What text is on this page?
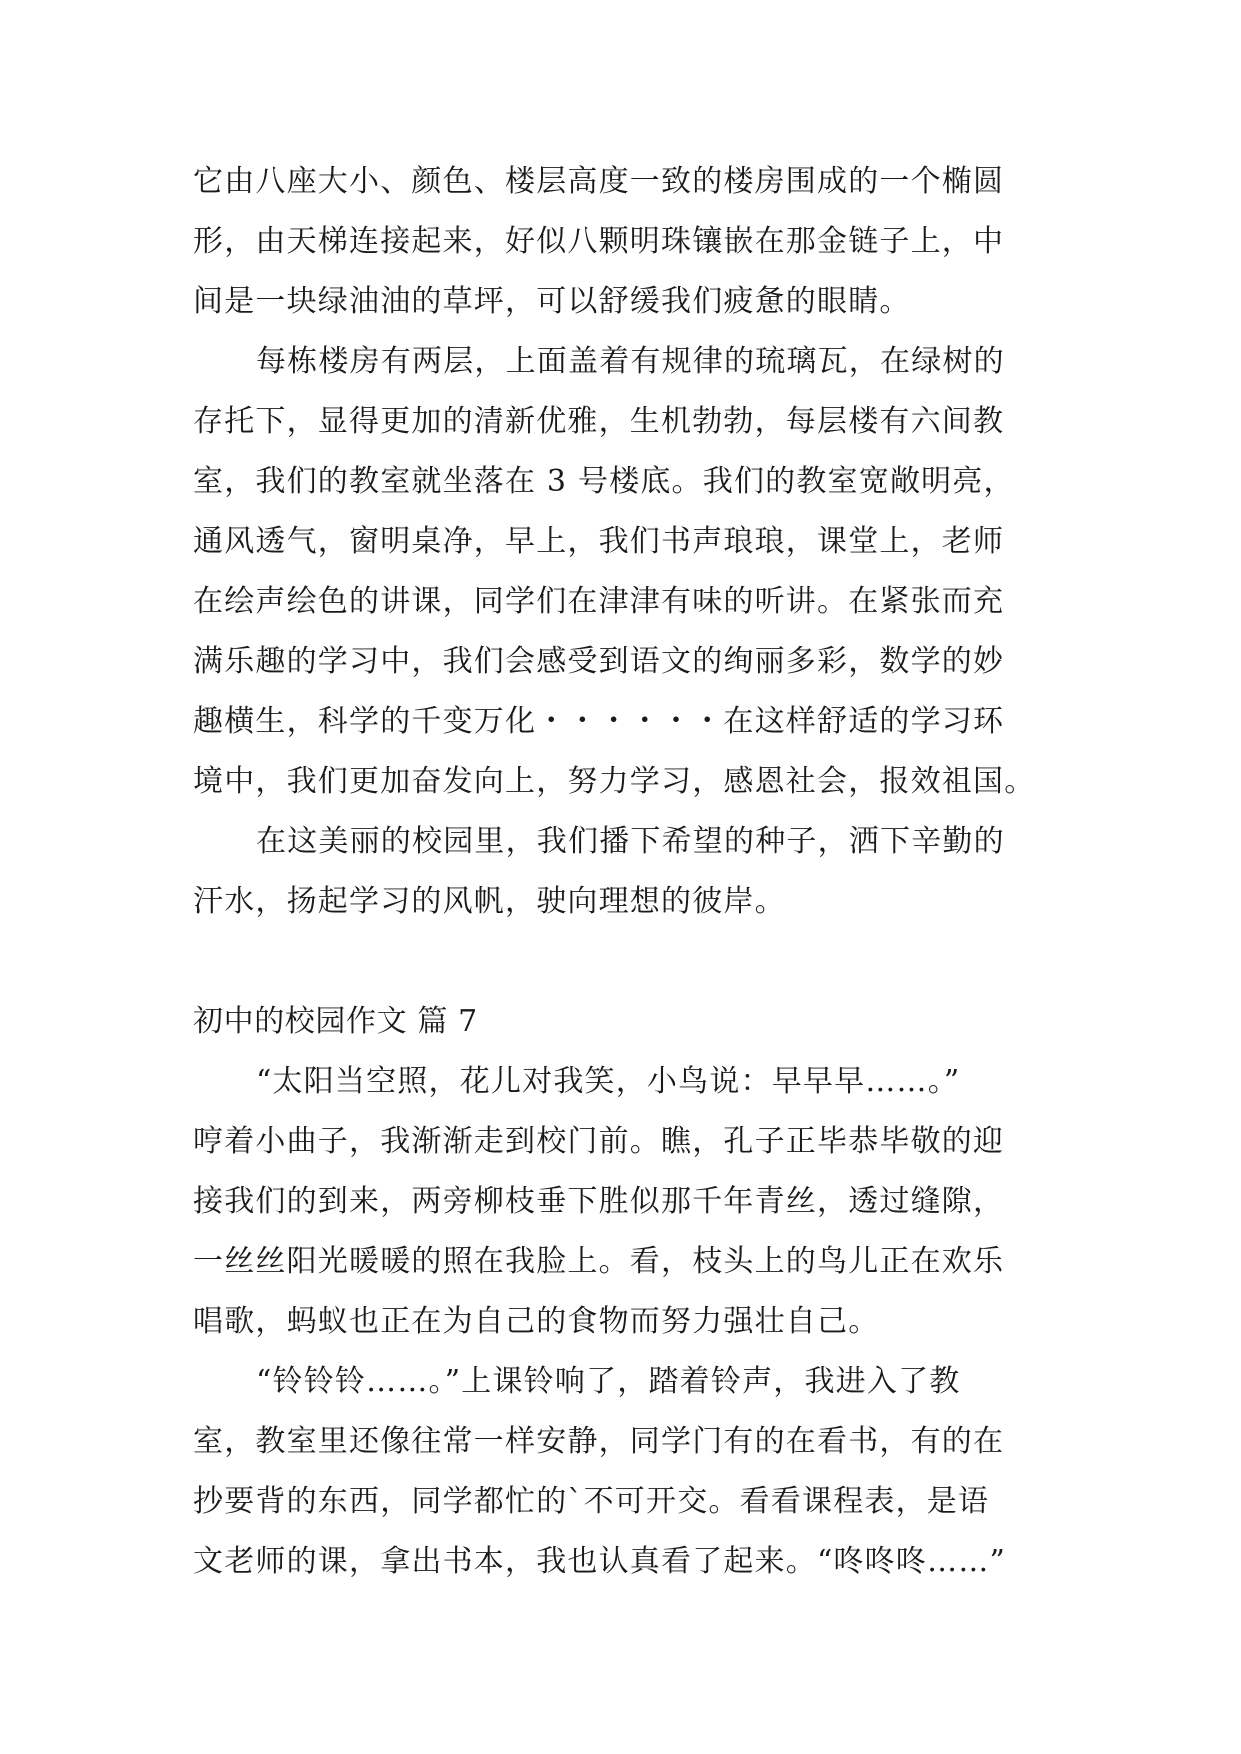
它由八座大小、颜色、楼层高度一致的楼房围成的一个椭圆
形，由天梯连接起来，好似八颗明珠镶嵌在那金链子上，中
间是一块绿油油的草坪，可以舒缓我们疲惫的眼睛。
每栋楼房有两层，上面盖着有规律的琉璃瓦，在绿树的
存托下，显得更加的清新优雅，生机勃勃，每层楼有六间教
室，我们的教室就坐落在 3 号楼底。我们的教室宽敞明亮，
通风透气，窗明桌净，早上，我们书声琅琅，课堂上，老师
在绘声绘色的讲课，同学们在津津有味的听讲。在紧张而充
满乐趣的学习中，我们会感受到语文的绚丽多彩，数学的妙
趣横生，科学的千变万化・・・・・・在这样舒适的学习环
境中，我们更加奋发向上，努力学习，感恩社会，报效祖国。
在这美丽的校园里，我们播下希望的种子，洒下辛勤的
汗水，扬起学习的风帆，驶向理想的彼岸。
初中的校园作文 篇 7
“太阳当空照，花儿对我笑，小鸟说：早早早……。”
哼着小曲子，我渐渐走到校门前。瞧，孔子正毕恭毕敬的迎
接我们的到来，两旁柳枝垂下胜似那千年青丝，透过缝隙，
一丝丝阳光暖暖的照在我脸上。看，枝头上的鸟儿正在欢乐
唱歌，蚂蚁也正在为自己的食物而努力强壮自己。
“铃铃铃……。”上课铃响了，踏着铃声，我进入了教
室，教室里还像往常一样安静，同学门有的在看书，有的在
抄要背的东西，同学都忙的`不可开交。看看课程表，是语
文老师的课，拿出书本，我也认真看了起来。“咚咚咚……”
